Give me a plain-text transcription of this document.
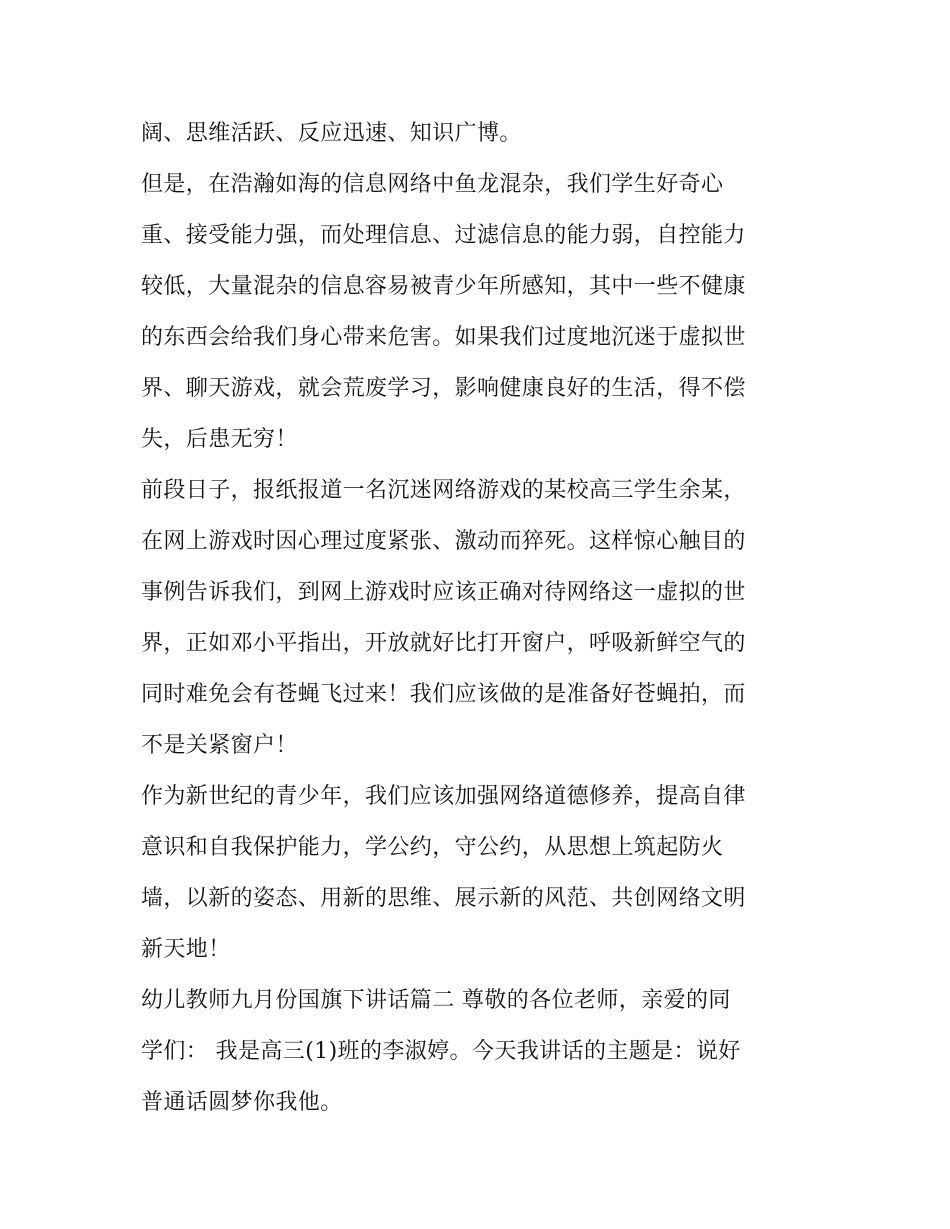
阔、思维活跃、反应迅速、知识广博。
但是，在浩瀚如海的信息网络中鱼龙混杂，我们学生好奇心
重、接受能力强，而处理信息、过滤信息的能力弱，自控能力
较低，大量混杂的信息容易被青少年所感知，其中一些不健康
的东西会给我们身心带来危害。如果我们过度地沉迷于虚拟世
界、聊天游戏，就会荒废学习，影响健康良好的生活，得不偿
失，后患无穷！
前段日子，报纸报道一名沉迷网络游戏的某校高三学生余某，
在网上游戏时因心理过度紧张、激动而猝死。这样惊心触目的
事例告诉我们，到网上游戏时应该正确对待网络这一虚拟的世
界，正如邓小平指出，开放就好比打开窗户，呼吸新鲜空气的
同时难免会有苍蝇飞过来！我们应该做的是准备好苍蝇拍，而
不是关紧窗户！
作为新世纪的青少年，我们应该加强网络道德修养，提高自律
意识和自我保护能力，学公约，守公约，从思想上筑起防火
墙，以新的姿态、用新的思维、展示新的风范、共创网络文明
新天地！
幼儿教师九月份国旗下讲话篇二 尊敬的各位老师，亲爱的同
学们： 我是高三(1)班的李淑婷。今天我讲话的主题是：说好
普通话圆梦你我他。
